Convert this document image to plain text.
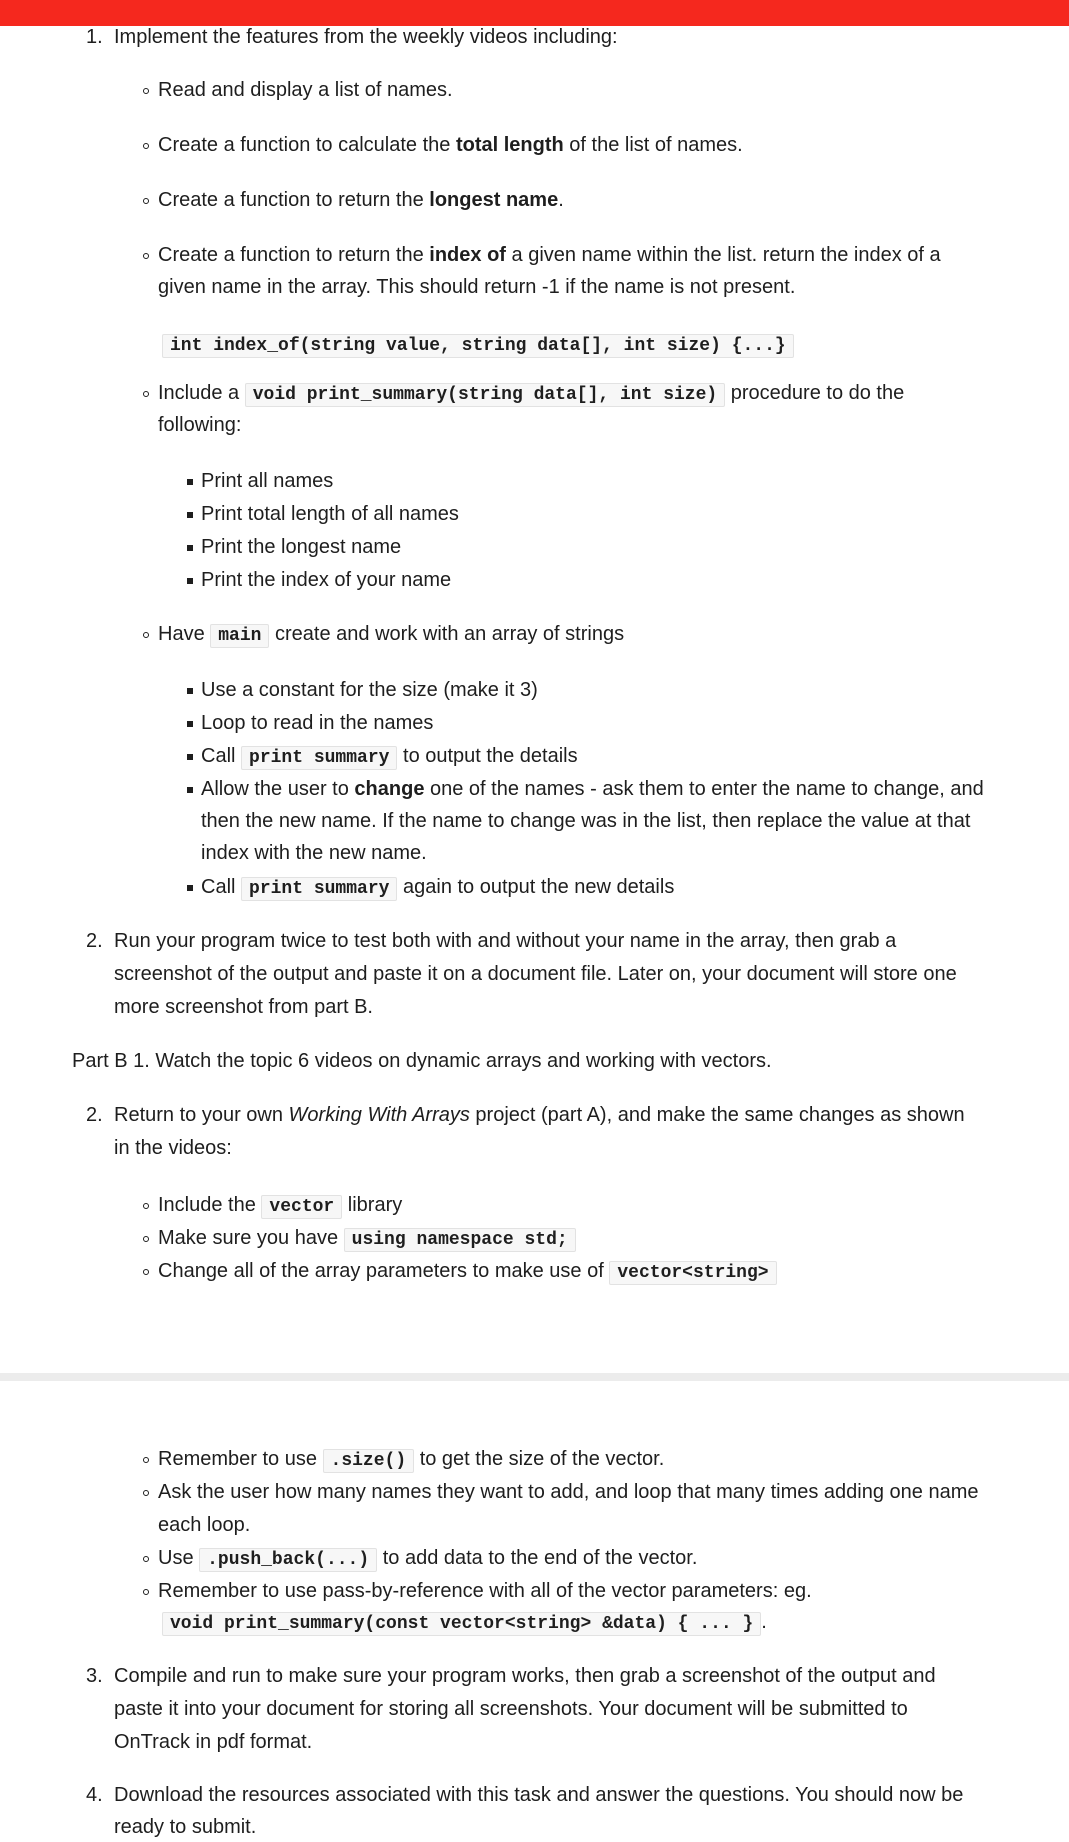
1. Implement the features from the weekly videos including:
Read and display a list of names.
Create a function to calculate the total length of the list of names.
Create a function to return the longest name.
Create a function to return the index of a given name within the list. return the index of a
given name in the array. This should return -1 if the name is not present.
int index_of(string value, string data[], int size) {...}
Include a void print_summary(string data[], int size) procedure to do the
following:
Print all names
Print total length of all names
Print the longest name
Print the index of your name
Have main create and work with an array of strings
Use a constant for the size (make it 3)
Loop to read in the names
Call print summary to output the details
Allow the user to change one of the names - ask them to enter the name to change, and
then the new name. If the name to change was in the list, then replace the value at that
index with the new name.
Call print summary again to output the new details
2. Run your program twice to test both with and without your name in the array, then grab a
screenshot of the output and paste it on a document file. Later on, your document will store one
more screenshot from part B.
Part B 1. Watch the topic 6 videos on dynamic arrays and working with vectors.
2. Return to your own Working With Arrays project (part A), and make the same changes as shown
in the videos:
Include the vector library
Make sure you have using namespace std;
Change all of the array parameters to make use of vector<string>
Remember to use .size() to get the size of the vector.
Ask the user how many names they want to add, and loop that many times adding one name
each loop.
Use .push_back(...) to add data to the end of the vector.
Remember to use pass-by-reference with all of the vector parameters: eg.
void print_summary(const vector<string> &data) { ... } .
3. Compile and run to make sure your program works, then grab a screenshot of the output and
paste it into your document for storing all screenshots. Your document will be submitted to
OnTrack in pdf format.
4. Download the resources associated with this task and answer the questions. You should now be
ready to submit.
